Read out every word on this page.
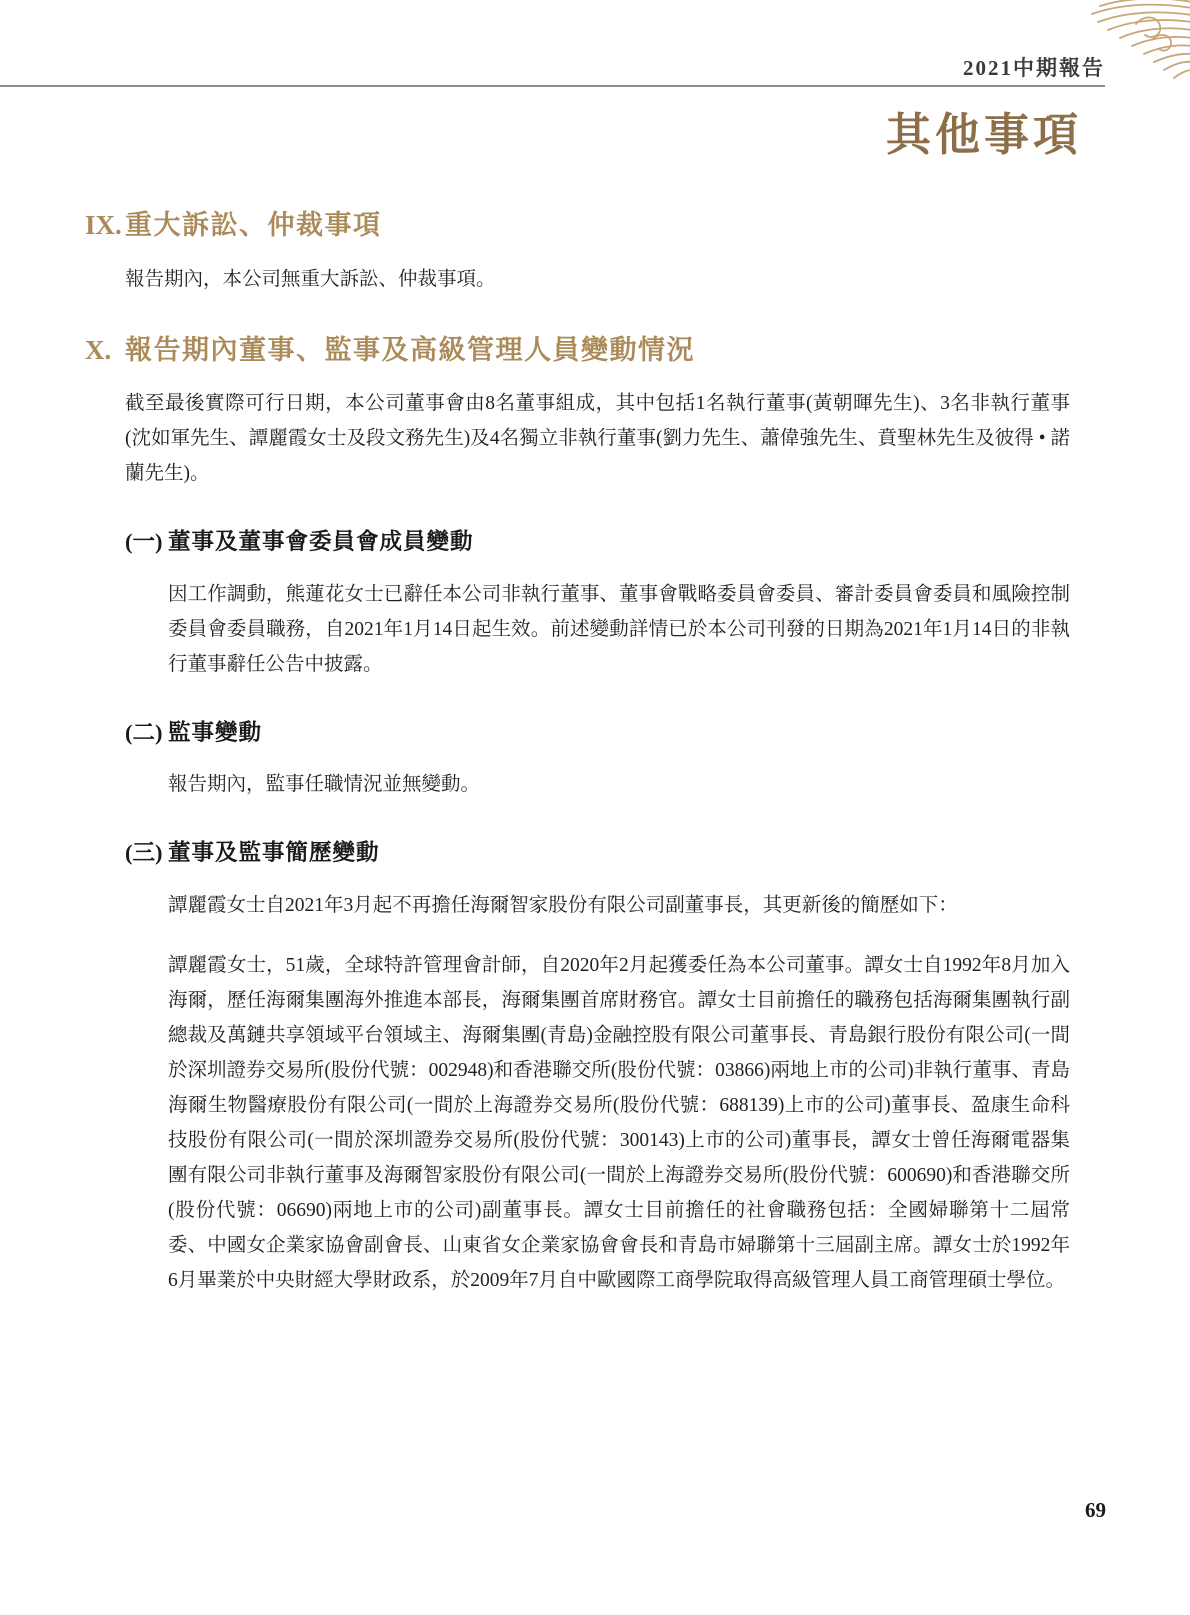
2021中期報告
其他事項
IX. 重大訴訟、仲裁事項

報告期內，本公司無重大訴訟、仲裁事項。

X. 報告期內董事、監事及高級管理人員變動情況

截至最後實際可行日期，本公司董事會由8名董事組成，其中包括1名執行董事(黃朝暉先生)、3名非執行董事(沈如軍先生、譚麗霞女士及段文務先生)及4名獨立非執行董事(劉力先生、蕭偉強先生、賁聖林先生及彼得 • 諾蘭先生)。

(一) 董事及董事會委員會成員變動

因工作調動，熊蓮花女士已辭任本公司非執行董事、董事會戰略委員會委員、審計委員會委員和風險控制委員會委員職務，自2021年1月14日起生效。前述變動詳情已於本公司刊發的日期為2021年1月14日的非執行董事辭任公告中披露。

(二) 監事變動

報告期內，監事任職情況並無變動。

(三) 董事及監事簡歷變動

譚麗霞女士自2021年3月起不再擔任海爾智家股份有限公司副董事長，其更新後的簡歷如下：

譚麗霞女士，51歲，全球特許管理會計師，自2020年2月起獲委任為本公司董事。譚女士自1992年8月加入海爾，歷任海爾集團海外推進本部長，海爾集團首席財務官。譚女士目前擔任的職務包括海爾集團執行副總裁及萬鏈共享領域平台領域主、海爾集團(青島)金融控股有限公司董事長、青島銀行股份有限公司(一間於深圳證券交易所(股份代號：002948)和香港聯交所(股份代號：03866)兩地上市的公司)非執行董事、青島海爾生物醫療股份有限公司(一間於上海證券交易所(股份代號：688139)上市的公司)董事長、盈康生命科技股份有限公司(一間於深圳證券交易所(股份代號：300143)上市的公司)董事長，譚女士曾任海爾電器集團有限公司非執行董事及海爾智家股份有限公司(一間於上海證券交易所(股份代號：600690)和香港聯交所(股份代號：06690)兩地上市的公司)副董事長。譚女士目前擔任的社會職務包括：全國婦聯第十二屆常委、中國女企業家協會副會長、山東省女企業家協會會長和青島市婦聯第十三屆副主席。譚女士於1992年6月畢業於中央財經大學財政系，於2009年7月自中歐國際工商學院取得高級管理人員工商管理碩士學位。

69
